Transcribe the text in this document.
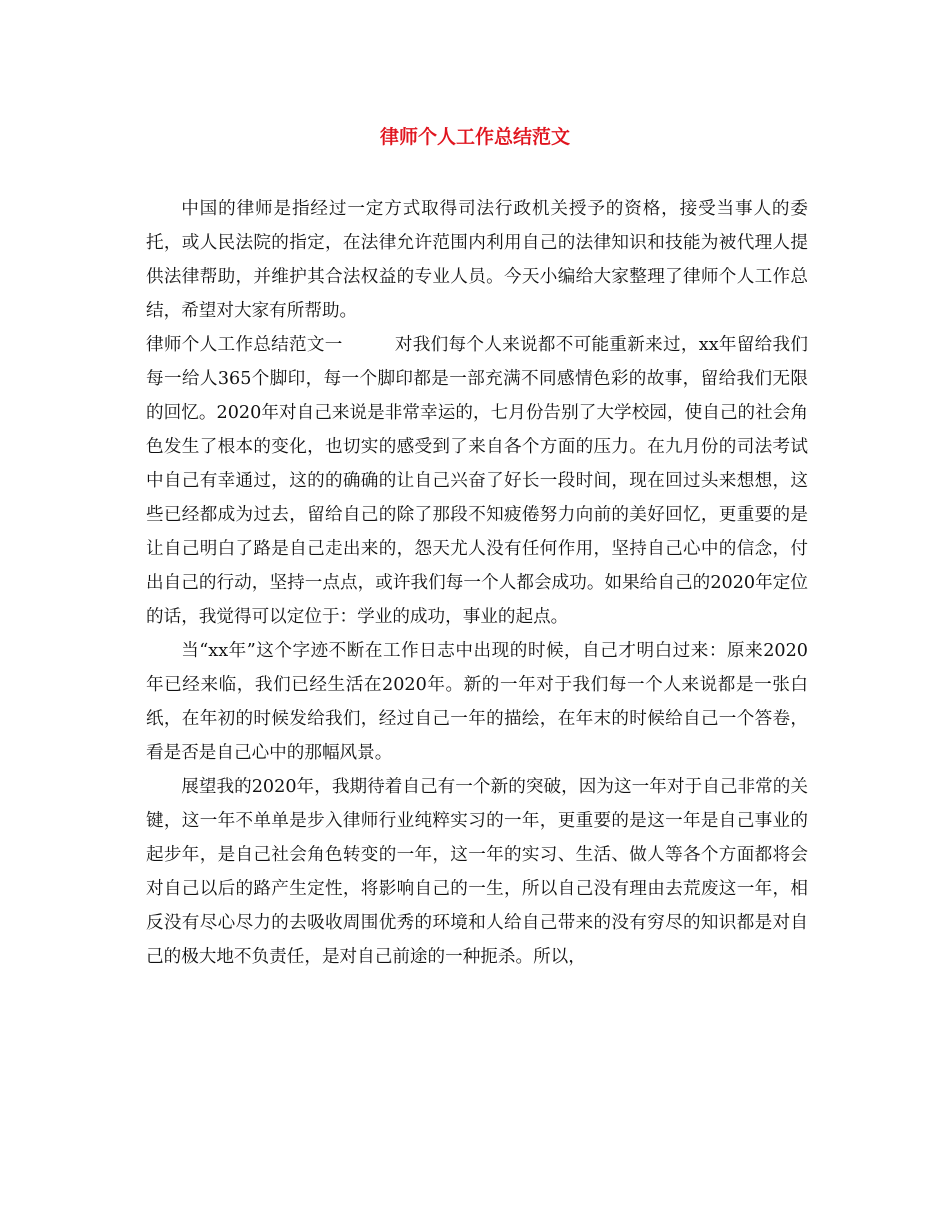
律师个人工作总结范文

中国的律师是指经过一定方式取得司法行政机关授予的资格，接受当事人的委托，或人民法院的指定，在法律允许范围内利用自己的法律知识和技能为被代理人提供法律帮助，并维护其合法权益的专业人员。今天小编给大家整理了律师个人工作总结，希望对大家有所帮助。

律师个人工作总结范文一	对我们每个人来说都不可能重新来过，xx年留给我们每一给人365个脚印，每一个脚印都是一部充满不同感情色彩的故事，留给我们无限的回忆。2020年对自己来说是非常幸运的，七月份告别了大学校园，使自己的社会角色发生了根本的变化，也切实的感受到了来自各个方面的压力。在九月份的司法考试中自己有幸通过，这的的确确的让自己兴奋了好长一段时间，现在回过头来想想，这些已经都成为过去，留给自己的除了那段不知疲倦努力向前的美好回忆，更重要的是让自己明白了路是自己走出来的，怨天尤人没有任何作用，坚持自己心中的信念，付出自己的行动，坚持一点点，或许我们每一个人都会成功。如果给自己的2020年定位的话，我觉得可以定位于：学业的成功，事业的起点。

当“xx年”这个字迹不断在工作日志中出现的时候，自己才明白过来：原来2020年已经来临，我们已经生活在2020年。新的一年对于我们每一个人来说都是一张白纸，在年初的时候发给我们，经过自己一年的描绘，在年末的时候给自己一个答卷，看是否是自己心中的那幅风景。

展望我的2020年，我期待着自己有一个新的突破，因为这一年对于自己非常的关键，这一年不单单是步入律师行业纯粹实习的一年，更重要的是这一年是自己事业的起步年，是自己社会角色转变的一年，这一年的实习、生活、做人等各个方面都将会对自己以后的路产生定性，将影响自己的一生，所以自己没有理由去荒废这一年，相反没有尽心尽力的去吸收周围优秀的环境和人给自己带来的没有穷尽的知识都是对自己的极大地不负责任，是对自己前途的一种扼杀。所以，
